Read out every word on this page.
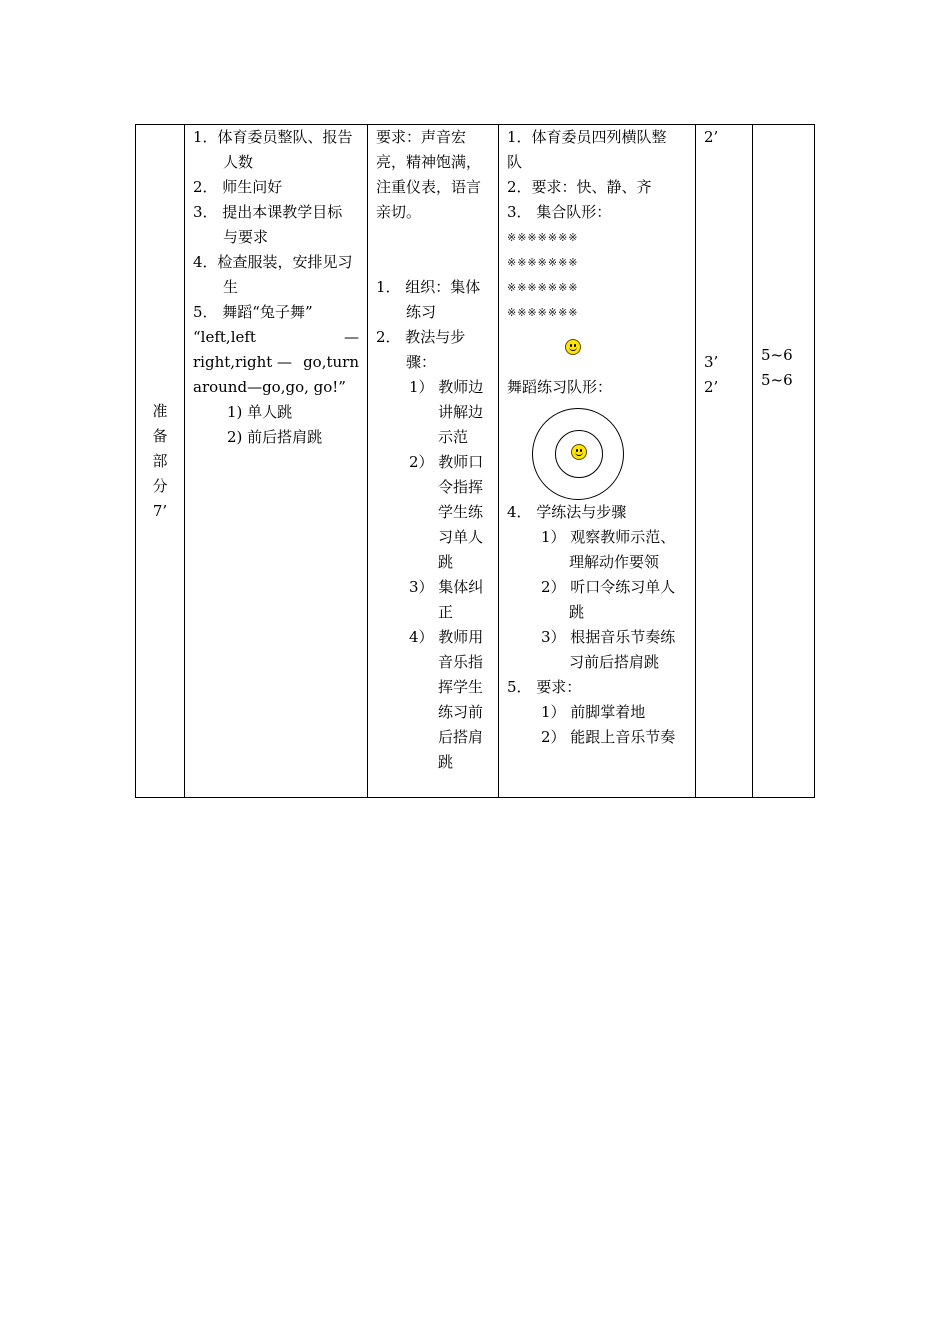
准
备
部
分
7’

1．体育委员整队、报告
人数
2． 师生问好
3． 提出本课教学目标
与要求
4．检查服装，安排见习
生
5． 舞蹈“兔子舞”
“left,left	—
right,right — go,turn
around—go,go, go!”
1) 单人跳
2) 前后搭肩跳

要求：声音宏
亮，精神饱满，
注重仪表，语言
亲切。
1． 组织：集体
练习
2． 教法与步
骤：
1） 教师边
讲解边
示范
2） 教师口
令指挥
学生练
习单人
跳
3） 集体纠
正
4） 教师用
音乐指
挥学生
练习前
后搭肩
跳

1．体育委员四列横队整
队
2．要求：快、静、齐
3． 集合队形：
※※※※※※※
※※※※※※※
※※※※※※※
※※※※※※※
舞蹈练习队形：
4． 学练法与步骤
1） 观察教师示范、
理解动作要领
2） 听口令练习单人
跳
3） 根据音乐节奏练
习前后搭肩跳
5． 要求：
1） 前脚掌着地
2） 能跟上音乐节奏

2’
3’
2’

5~6
5~6
